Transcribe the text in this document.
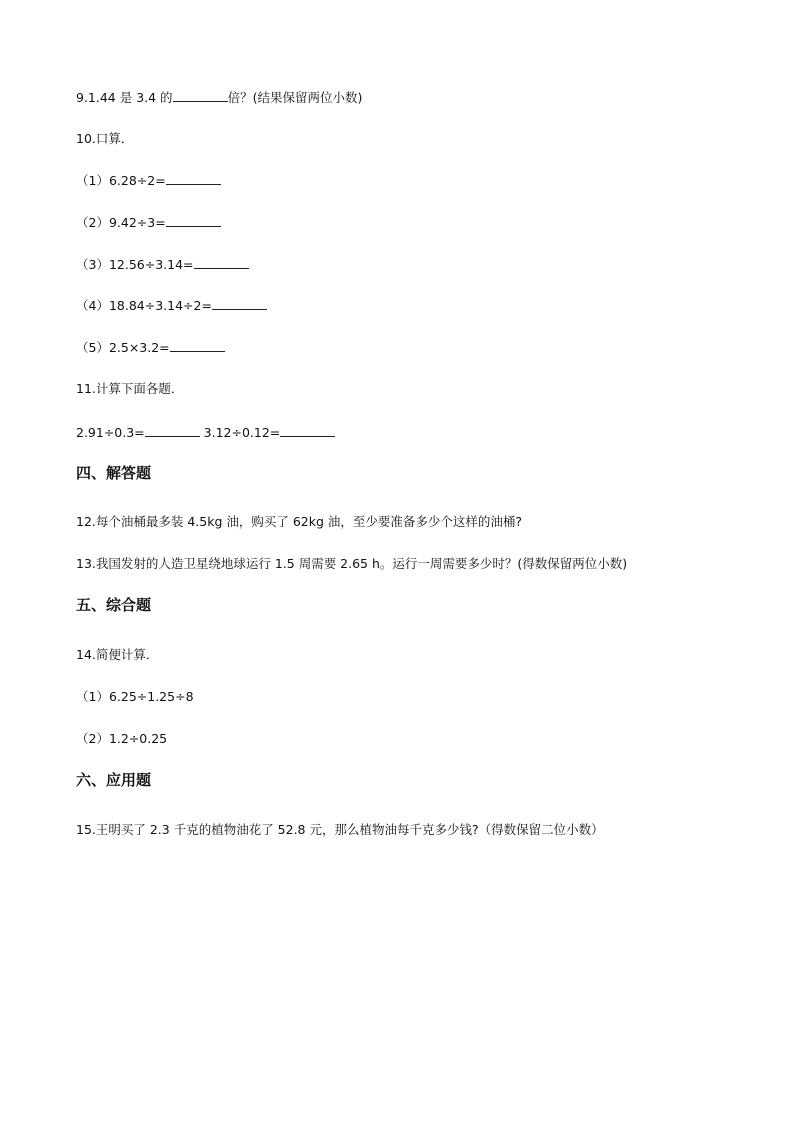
9.1.44 是 3.4 的	倍？(结果保留两位小数)
10.口算．
（1）6.28÷2=
（2）9.42÷3=
（3）12.56÷3.14=
（4）18.84÷3.14÷2=
（5）2.5×3.2=
11.计算下面各题．
2.91÷0.3=	3.12÷0.12=
四、解答题
12.每个油桶最多装 4.5kg 油，购买了 62kg 油，至少要准备多少个这样的油桶?
13.我国发射的人造卫星绕地球运行 1.5 周需要 2.65 h。运行一周需要多少时？(得数保留两位小数)
五、综合题
14.简便计算．
（1）6.25÷1.25÷8
（2）1.2÷0.25
六、应用题
15.王明买了 2.3 千克的植物油花了 52.8 元，那么植物油每千克多少钱?（得数保留二位小数）
